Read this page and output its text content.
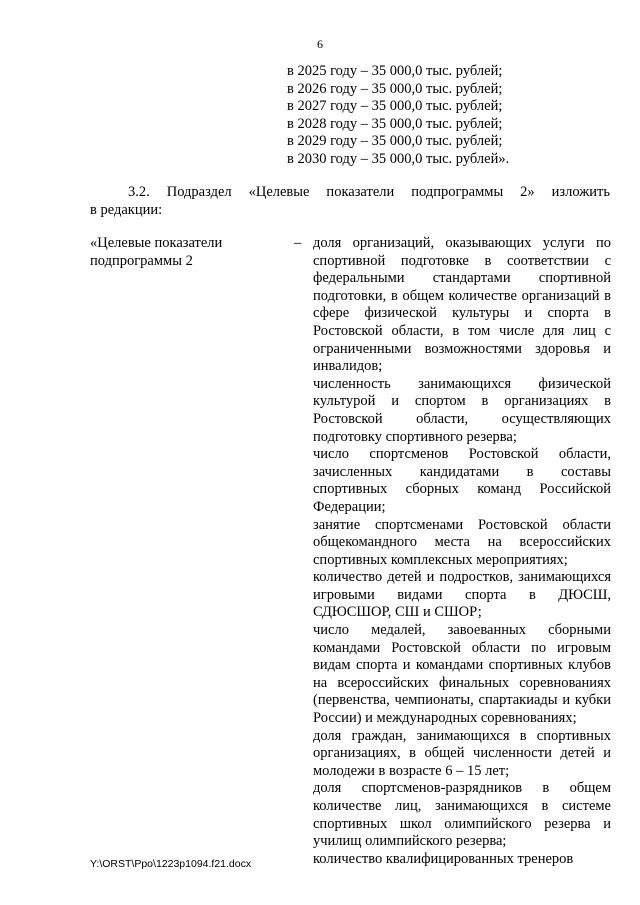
6
в 2025 году – 35 000,0 тыс. рублей;
в 2026 году – 35 000,0 тыс. рублей;
в 2027 году – 35 000,0 тыс. рублей;
в 2028 году – 35 000,0 тыс. рублей;
в 2029 году – 35 000,0 тыс. рублей;
в 2030 году – 35 000,0 тыс. рублей».
3.2. Подраздел «Целевые показатели подпрограммы 2» изложить
в редакции:
«Целевые показатели
подпрограммы 2
– доля организаций, оказывающих услуги по спортивной подготовке в соответствии с федеральными стандартами спортивной подготовки, в общем количестве организаций в сфере физической культуры и спорта в Ростовской области, в том числе для лиц с ограниченными возможностями здоровья и инвалидов;
численность занимающихся физической культурой и спортом в организациях в Ростовской области, осуществляющих подготовку спортивного резерва;
число спортсменов Ростовской области, зачисленных кандидатами в составы спортивных сборных команд Российской Федерации;
занятие спортсменами Ростовской области общекомандного места на всероссийских спортивных комплексных мероприятиях;
количество детей и подростков, занимающихся игровыми видами спорта в ДЮСШ, СДЮСШОР, СШ и СШОР;
число медалей, завоеванных сборными командами Ростовской области по игровым видам спорта и командами спортивных клубов на всероссийских финальных соревнованиях (первенства, чемпионаты, спартакиады и кубки России) и международных соревнованиях;
доля граждан, занимающихся в спортивных организациях, в общей численности детей и молодежи в возрасте 6 – 15 лет;
доля спортсменов-разрядников в общем количестве лиц, занимающихся в системе спортивных школ олимпийского резерва и училищ олимпийского резерва;
количество квалифицированных тренеров
Y:\ORST\Ppo\1223p1094.f21.docx
